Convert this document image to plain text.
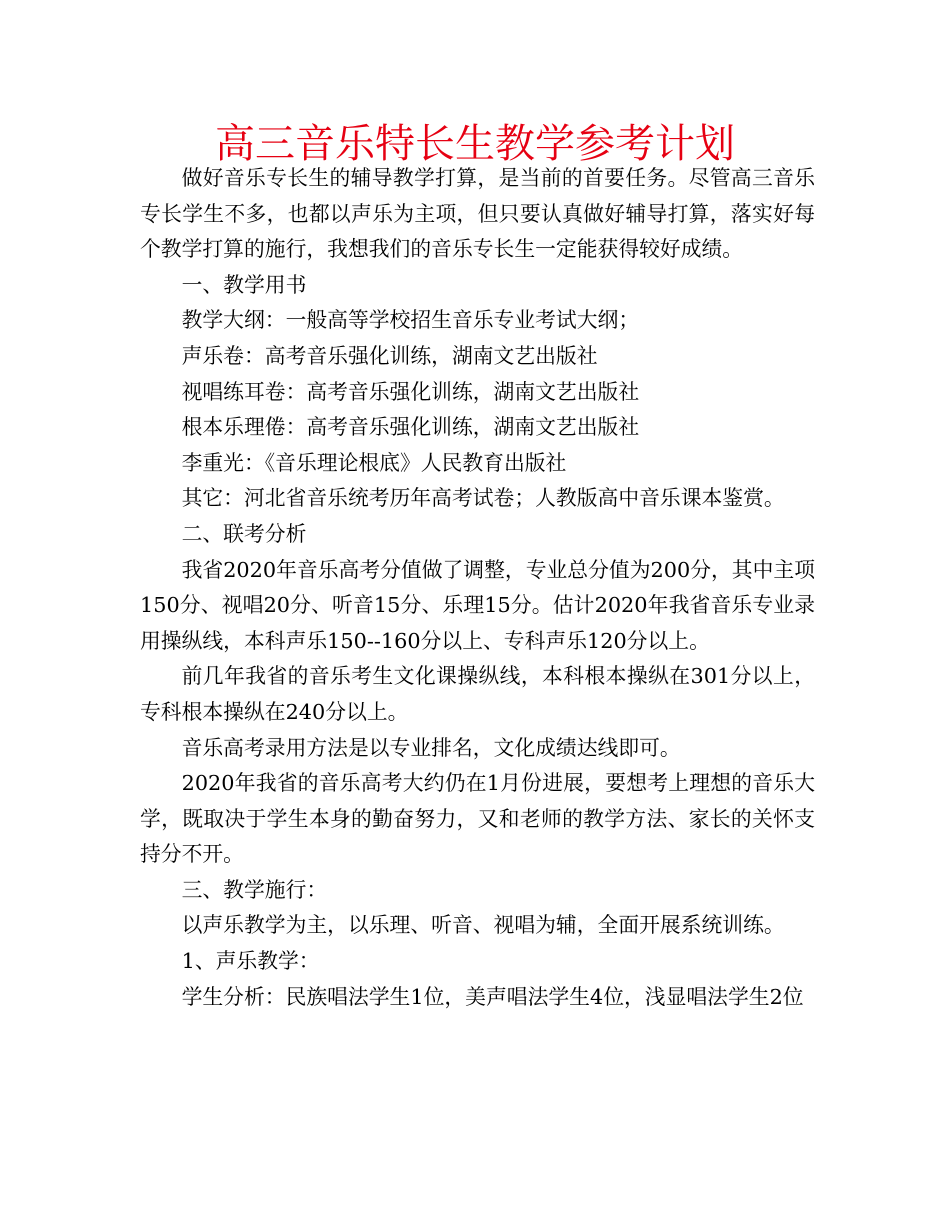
高三音乐特长生教学参考计划

做好音乐专长生的辅导教学打算，是当前的首要任务。尽管高三音乐专长学生不多，也都以声乐为主项，但只要认真做好辅导打算，落实好每个教学打算的施行，我想我们的音乐专长生一定能获得较好成绩。

一、教学用书

教学大纲：一般高等学校招生音乐专业考试大纲；

声乐卷：高考音乐强化训练，湖南文艺出版社

视唱练耳卷：高考音乐强化训练，湖南文艺出版社

根本乐理倦：高考音乐强化训练，湖南文艺出版社

李重光：《音乐理论根底》人民教育出版社

其它：河北省音乐统考历年高考试卷；人教版高中音乐课本鉴赏。

二、联考分析

我省2020年音乐高考分值做了调整，专业总分值为200分，其中主项150分、视唱20分、听音15分、乐理15分。估计2020年我省音乐专业录用操纵线，本科声乐150--160分以上、专科声乐120分以上。

前几年我省的音乐考生文化课操纵线，本科根本操纵在301分以上，专科根本操纵在240分以上。

音乐高考录用方法是以专业排名，文化成绩达线即可。

2020年我省的音乐高考大约仍在1月份进展，要想考上理想的音乐大学，既取决于学生本身的勤奋努力，又和老师的教学方法、家长的关怀支持分不开。

三、教学施行：

以声乐教学为主，以乐理、听音、视唱为辅，全面开展系统训练。

1、声乐教学：

学生分析：民族唱法学生1位，美声唱法学生4位，浅显唱法学生2位
